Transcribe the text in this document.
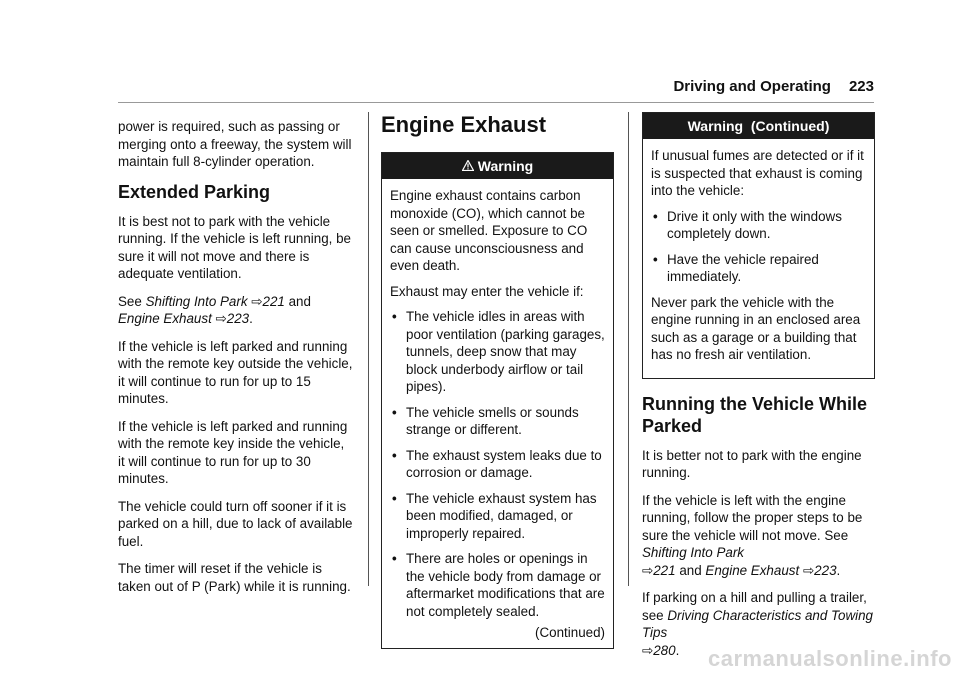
Driving and Operating 223

power is required, such as passing or merging onto a freeway, the system will maintain full 8-cylinder operation.

Extended Parking

It is best not to park with the vehicle running. If the vehicle is left running, be sure it will not move and there is adequate ventilation.

See Shifting Into Park ⇨221 and
Engine Exhaust ⇨223.

If the vehicle is left parked and running with the remote key outside the vehicle, it will continue to run for up to 15 minutes.

If the vehicle is left parked and running with the remote key inside the vehicle, it will continue to run for up to 30 minutes.

The vehicle could turn off sooner if it is parked on a hill, due to lack of available fuel.

The timer will reset if the vehicle is taken out of P (Park) while it is running.

Engine Exhaust
Warning

Engine exhaust contains carbon monoxide (CO), which cannot be seen or smelled. Exposure to CO can cause unconsciousness and even death.

Exhaust may enter the vehicle if:

• The vehicle idles in areas with poor ventilation (parking garages, tunnels, deep snow that may block underbody airflow or tail pipes).
• The vehicle smells or sounds strange or different.
• The exhaust system leaks due to corrosion or damage.
• The vehicle exhaust system has been modified, damaged, or improperly repaired.
• There are holes or openings in the vehicle body from damage or aftermarket modifications that are not completely sealed.
(Continued)
Warning  (Continued)

If unusual fumes are detected or if it is suspected that exhaust is coming into the vehicle:

• Drive it only with the windows completely down.
• Have the vehicle repaired immediately.

Never park the vehicle with the engine running in an enclosed area such as a garage or a building that has no fresh air ventilation.

Running the Vehicle While Parked

It is better not to park with the engine running.

If the vehicle is left with the engine running, follow the proper steps to be sure the vehicle will not move. See Shifting Into Park
⇨221 and Engine Exhaust ⇨223.

If parking on a hill and pulling a trailer, see Driving Characteristics and Towing Tips
⇨280.	carmanualsonline.info
